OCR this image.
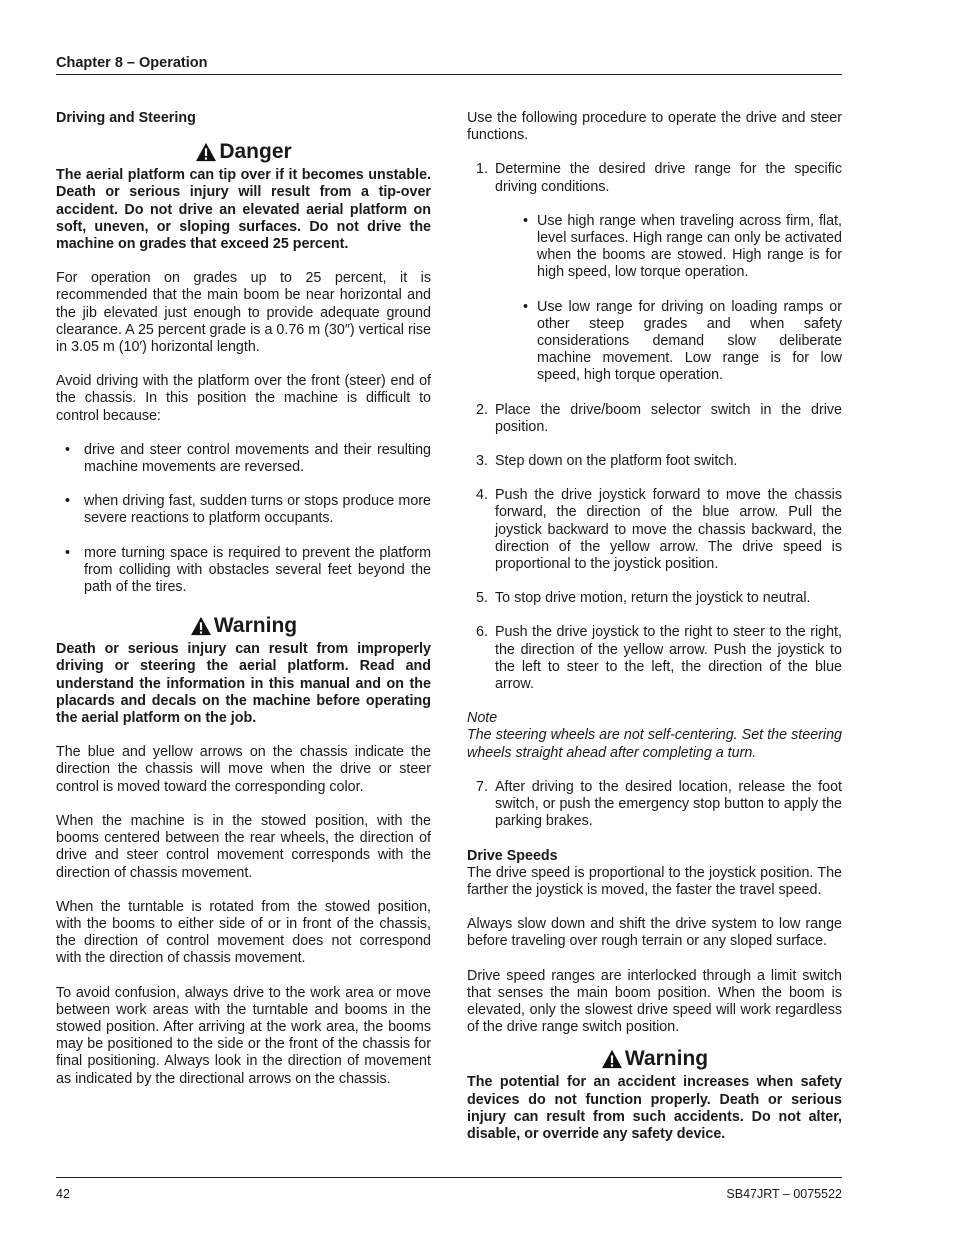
Chapter 8 – Operation
Driving and Steering
Danger

The aerial platform can tip over if it becomes unstable. Death or serious injury will result from a tip-over accident. Do not drive an elevated aerial platform on soft, uneven, or sloping surfaces. Do not drive the machine on grades that exceed 25 percent.

For operation on grades up to 25 percent, it is recommended that the main boom be near horizontal and the jib elevated just enough to provide adequate ground clearance. A 25 percent grade is a 0.76 m (30″) vertical rise in 3.05 m (10′) horizontal length.

Avoid driving with the platform over the front (steer) end of the chassis. In this position the machine is difficult to control because:

• drive and steer control movements and their resulting machine movements are reversed.
• when driving fast, sudden turns or stops produce more severe reactions to platform occupants.
• more turning space is required to prevent the platform from colliding with obstacles several feet beyond the path of the tires.
Warning

Death or serious injury can result from improperly driving or steering the aerial platform. Read and understand the information in this manual and on the placards and decals on the machine before operating the aerial platform on the job.

The blue and yellow arrows on the chassis indicate the direction the chassis will move when the drive or steer control is moved toward the corresponding color.

When the machine is in the stowed position, with the booms centered between the rear wheels, the direction of drive and steer control movement corresponds with the direction of chassis movement.

When the turntable is rotated from the stowed position, with the booms to either side of or in front of the chassis, the direction of control movement does not correspond with the direction of chassis movement.

To avoid confusion, always drive to the work area or move between work areas with the turntable and booms in the stowed position. After arriving at the work area, the booms may be positioned to the side or the front of the chassis for final positioning. Always look in the direction of movement as indicated by the directional arrows on the chassis.

Use the following procedure to operate the drive and steer functions.

1. Determine the desired drive range for the specific driving conditions.
• Use high range when traveling across firm, flat, level surfaces. High range can only be activated when the booms are stowed. High range is for high speed, low torque operation.
• Use low range for driving on loading ramps or other steep grades and when safety considerations demand slow deliberate machine movement. Low range is for low speed, high torque operation.
2. Place the drive/boom selector switch in the drive position.
3. Step down on the platform foot switch.
4. Push the drive joystick forward to move the chassis forward, the direction of the blue arrow. Pull the joystick backward to move the chassis backward, the direction of the yellow arrow. The drive speed is proportional to the joystick position.
5. To stop drive motion, return the joystick to neutral.
6. Push the drive joystick to the right to steer to the right, the direction of the yellow arrow. Push the joystick to the left to steer to the left, the direction of the blue arrow.

Note

The steering wheels are not self-centering. Set the steering wheels straight ahead after completing a turn.

7. After driving to the desired location, release the foot switch, or push the emergency stop button to apply the parking brakes.

Drive Speeds

The drive speed is proportional to the joystick position. The farther the joystick is moved, the faster the travel speed.

Always slow down and shift the drive system to low range before traveling over rough terrain or any sloped surface.

Drive speed ranges are interlocked through a limit switch that senses the main boom position. When the boom is elevated, only the slowest drive speed will work regardless of the drive range switch position.

Warning

The potential for an accident increases when safety devices do not function properly. Death or serious injury can result from such accidents. Do not alter, disable, or override any safety device.

42	SB47JRT – 0075522
